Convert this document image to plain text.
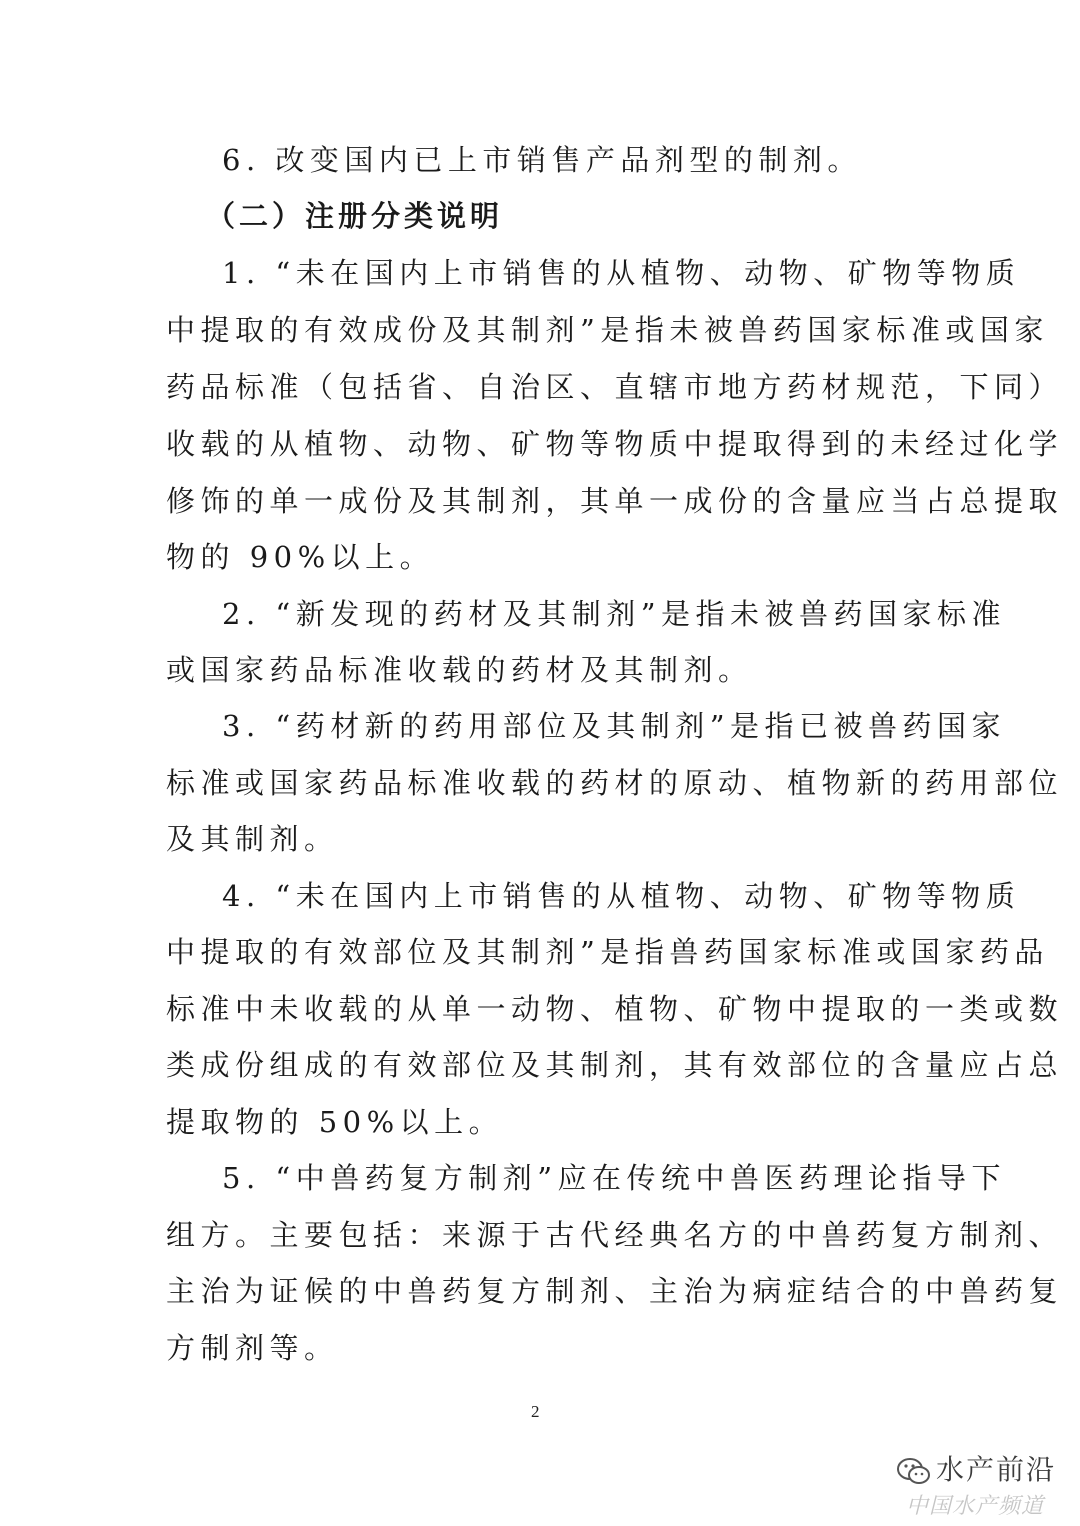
6. 改变国内已上市销售产品剂型的制剂。
（二）注册分类说明
1. “未在国内上市销售的从植物、动物、矿物等物质
中提取的有效成份及其制剂”是指未被兽药国家标准或国家
药品标准（包括省、自治区、直辖市地方药材规范，下同）
收载的从植物、动物、矿物等物质中提取得到的未经过化学
修饰的单一成份及其制剂，其单一成份的含量应当占总提取
物的 90%以上。
2. “新发现的药材及其制剂”是指未被兽药国家标准
或国家药品标准收载的药材及其制剂。
3. “药材新的药用部位及其制剂”是指已被兽药国家
标准或国家药品标准收载的药材的原动、植物新的药用部位
及其制剂。
4. “未在国内上市销售的从植物、动物、矿物等物质
中提取的有效部位及其制剂”是指兽药国家标准或国家药品
标准中未收载的从单一动物、植物、矿物中提取的一类或数
类成份组成的有效部位及其制剂，其有效部位的含量应占总
提取物的 50%以上。
5. “中兽药复方制剂”应在传统中兽医药理论指导下
组方。主要包括：来源于古代经典名方的中兽药复方制剂、
主治为证候的中兽药复方制剂、主治为病症结合的中兽药复
方制剂等。
2
水产前沿
中国水产频道
